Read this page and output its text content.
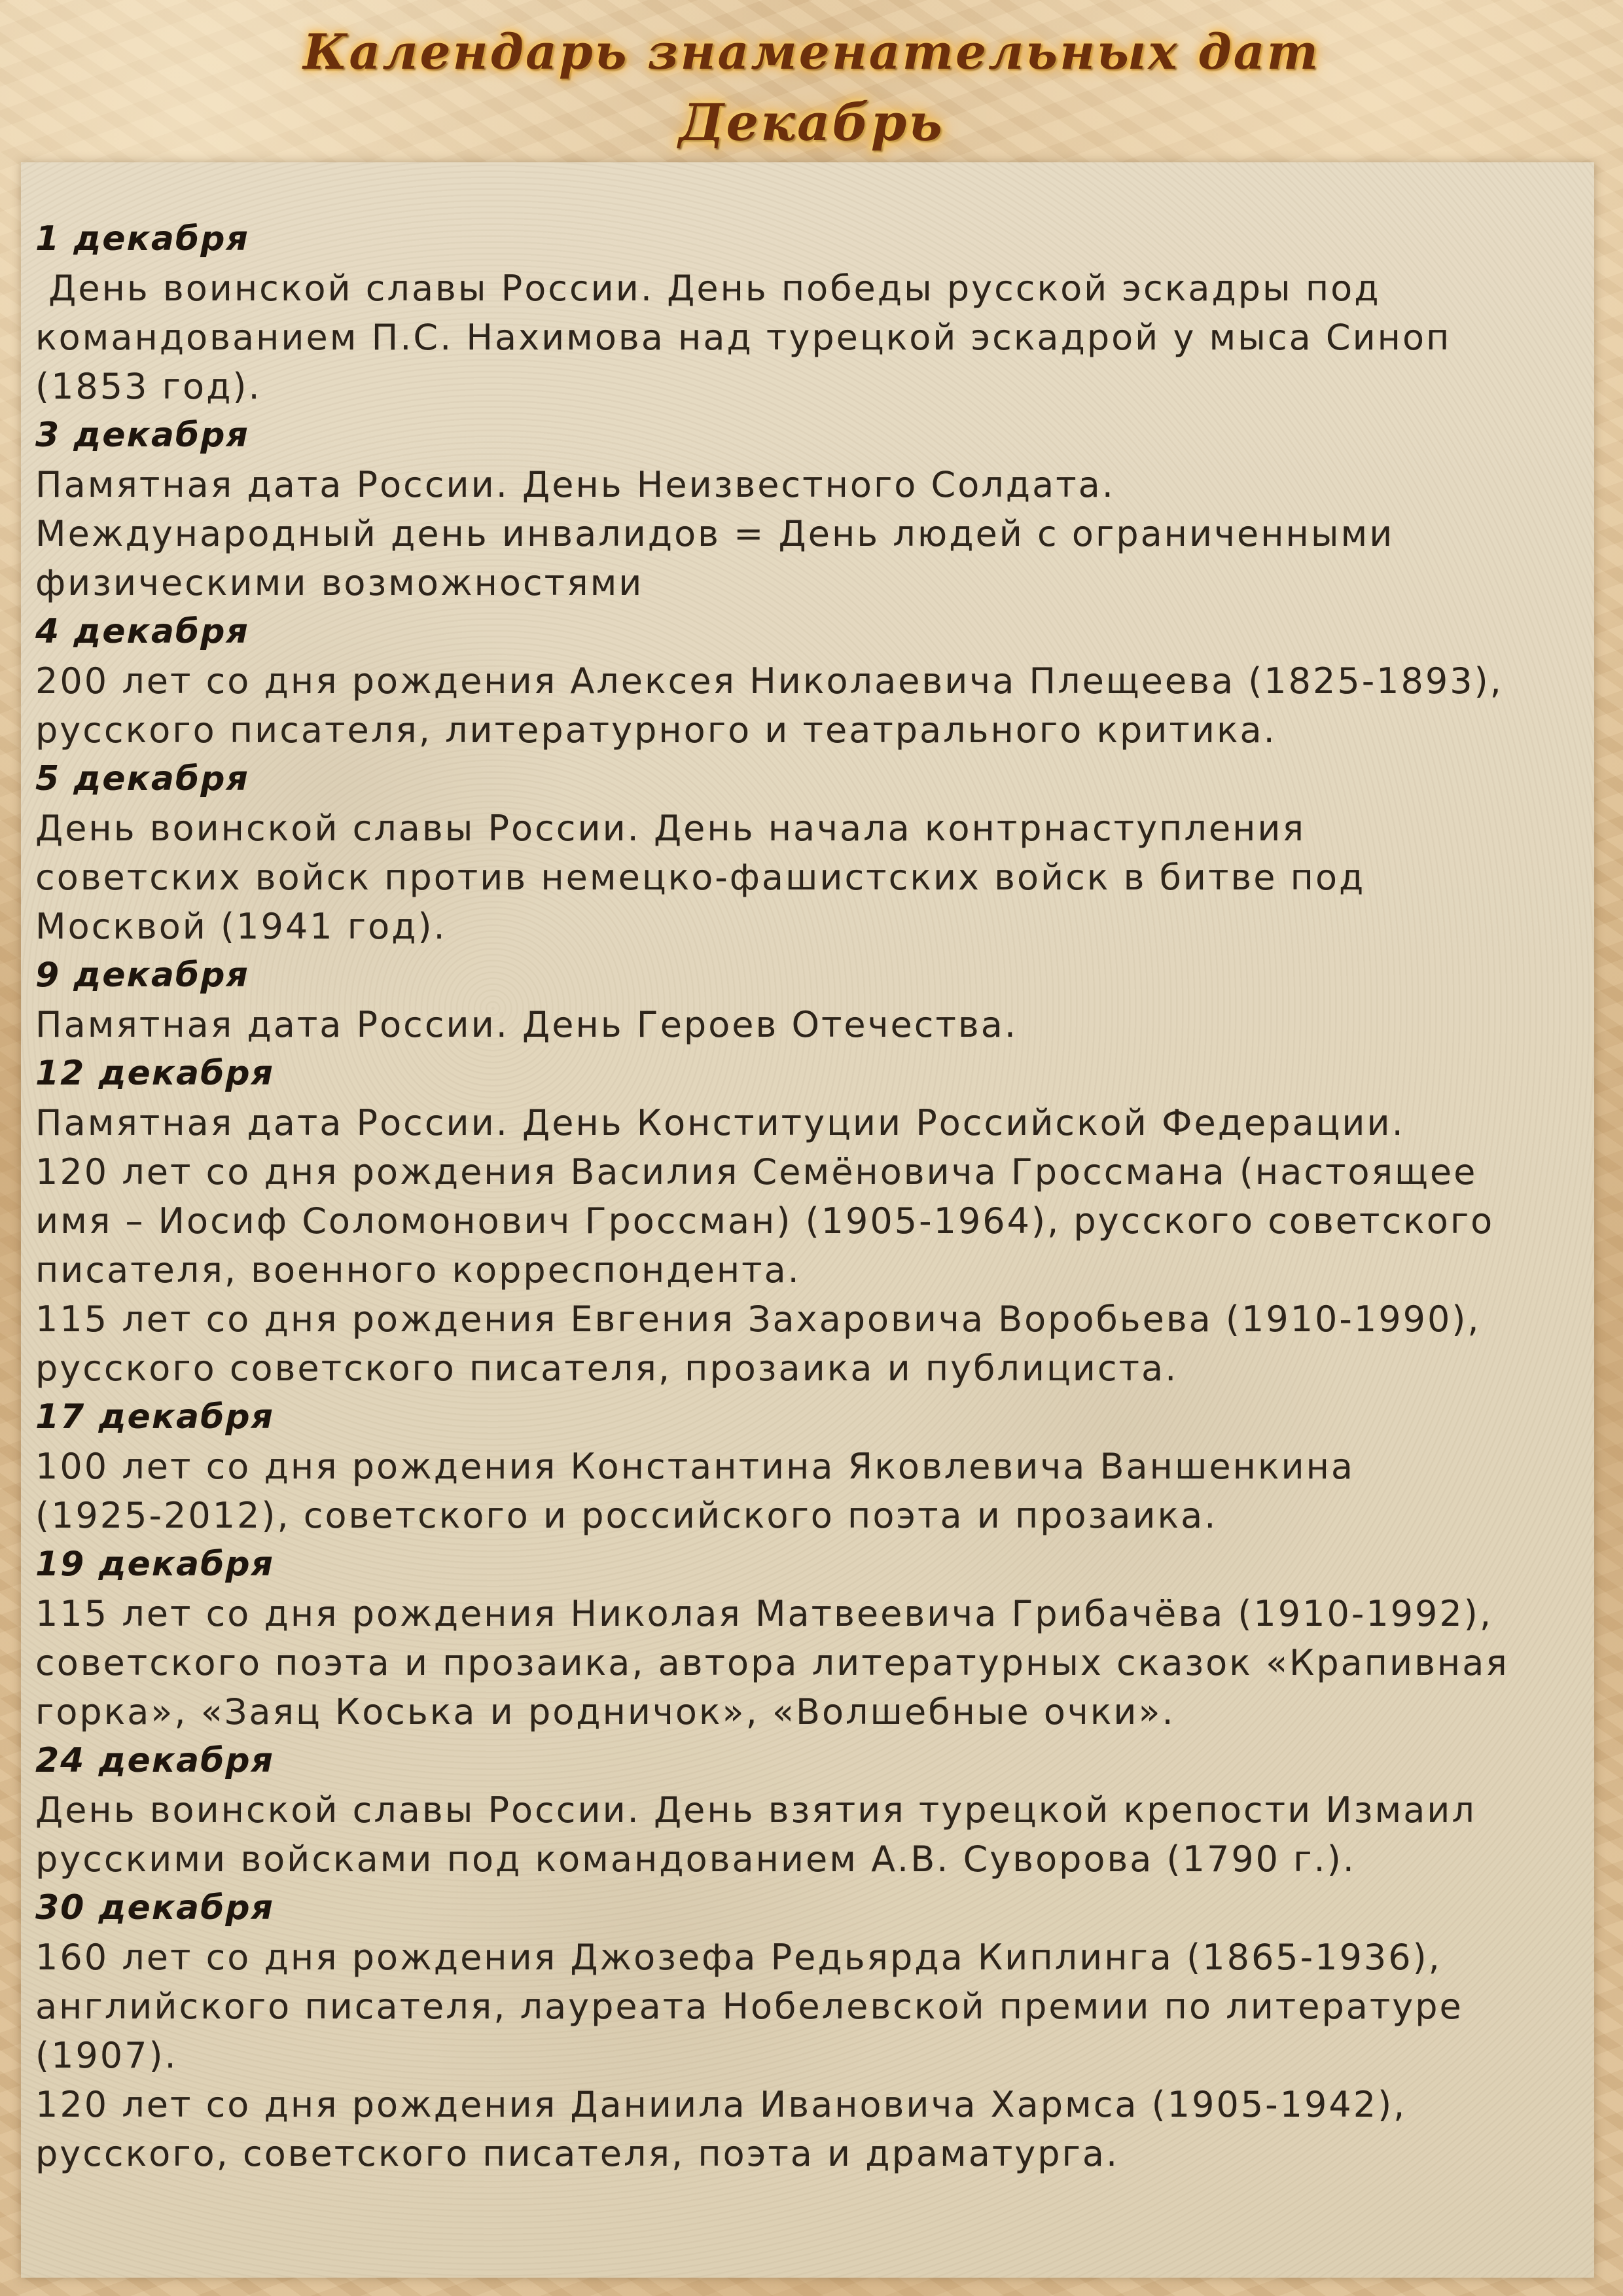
Календарь знаменательных дат
Декабрь
1 декабря
День воинской славы России. День победы русской эскадры под
командованием П.С. Нахимова над турецкой эскадрой у мыса Синоп
(1853 год).
3 декабря
Памятная дата России. День Неизвестного Солдата.
Международный день инвалидов = День людей с ограниченными
физическими возможностями
4 декабря
200 лет со дня рождения Алексея Николаевича Плещеева (1825-1893),
русского писателя, литературного и театрального критика.
5 декабря
День воинской славы России. День начала контрнаступления
советских войск против немецко-фашистских войск в битве под
Москвой (1941 год).
9 декабря
Памятная дата России. День Героев Отечества.
12 декабря
Памятная дата России. День Конституции Российской Федерации.
120 лет со дня рождения Василия Семёновича Гроссмана (настоящее
имя – Иосиф Соломонович Гроссман) (1905-1964), русского советского
писателя, военного корреспондента.
115 лет со дня рождения Евгения Захаровича Воробьева (1910-1990),
русского советского писателя, прозаика и публициста.
17 декабря
100 лет со дня рождения Константина Яковлевича Ваншенкина
(1925-2012), советского и российского поэта и прозаика.
19 декабря
115 лет со дня рождения Николая Матвеевича Грибачёва (1910-1992),
советского поэта и прозаика, автора литературных сказок «Крапивная
горка», «Заяц Коська и родничок», «Волшебные очки».
24 декабря
День воинской славы России. День взятия турецкой крепости Измаил
русскими войсками под командованием А.В. Суворова (1790 г.).
30 декабря
160 лет со дня рождения Джозефа Редьярда Киплинга (1865-1936),
английского писателя, лауреата Нобелевской премии по литературе
(1907).
120 лет со дня рождения Даниила Ивановича Хармса (1905-1942),
русского, советского писателя, поэта и драматурга.
